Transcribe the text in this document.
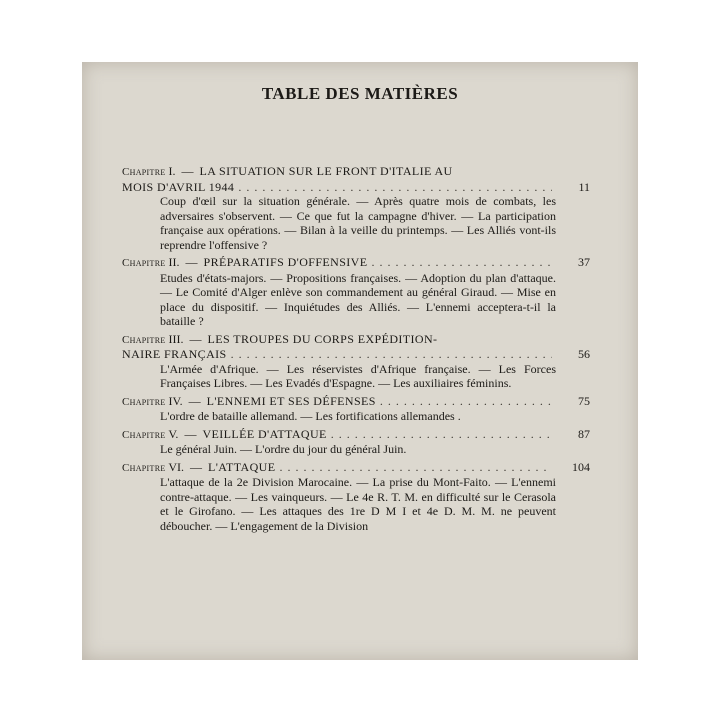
TABLE DES MATIÈRES
Chapitre I. — LA SITUATION SUR LE FRONT D'ITALIE AU
MOIS D'AVRIL 1944 . . .	11
Coup d'œil sur la situation générale. — Après quatre mois de combats, les adversaires s'observent. — Ce que fut la campagne d'hiver. — La participation française aux opérations. — Bilan à la veille du printemps. — Les Alliés vont-ils reprendre l'offensive ?
Chapitre II. — PRÉPARATIFS D'OFFENSIVE . . .	37
Etudes d'états-majors. — Propositions françaises. — Adoption du plan d'attaque. — Le Comité d'Alger enlève son commandement au général Giraud. — Mise en place du dispositif. — Inquiétudes des Alliés. — L'ennemi acceptera-t-il la bataille ?
Chapitre III. — LES TROUPES DU CORPS EXPÉDITION-
NAIRE FRANÇAIS . . .	56
L'Armée d'Afrique. — Les réservistes d'Afrique française. — Les Forces Françaises Libres. — Les Evadés d'Espagne. — Les auxiliaires féminins.
Chapitre IV. — L'ENNEMI ET SES DÉFENSES . . .	75
L'ordre de bataille allemand. — Les fortifications allemandes .
Chapitre V. — VEILLÉE D'ATTAQUE . . .	87
Le général Juin. — L'ordre du jour du général Juin.
Chapitre VI. — L'ATTAQUE . . .	104
L'attaque de la 2e Division Marocaine. — La prise du Mont-Faito. — L'ennemi contre-attaque. — Les vainqueurs. — Le 4e R. T. M. en difficulté sur le Cerasola et le Girofano. — Les attaques des 1re D M I et 4e D. M. M. ne peuvent déboucher. — L'engagement de la Division
